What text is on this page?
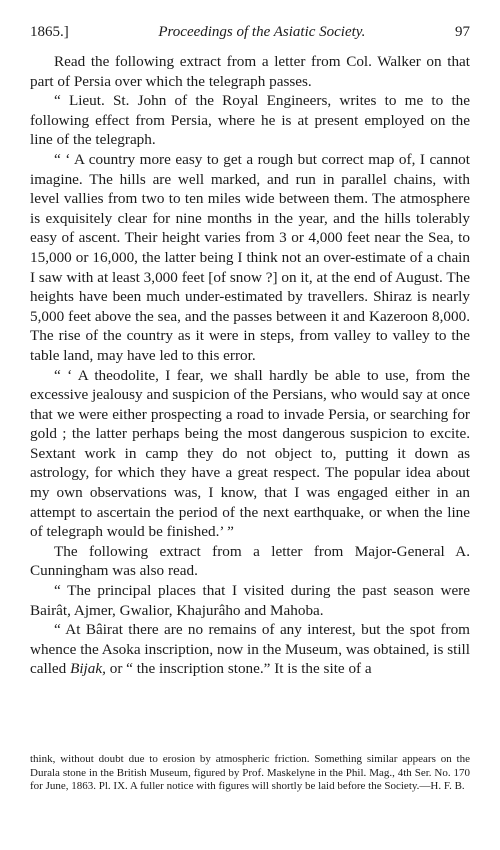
1865.]	Proceedings of the Asiatic Society.	97

Read the following extract from a letter from Col. Walker on that part of Persia over which the telegraph passes.

“ Lieut. St. John of the Royal Engineers, writes to me to the following effect from Persia, where he is at present employed on the line of the telegraph.

“ ‘ A country more easy to get a rough but correct map of, I cannot imagine. The hills are well marked, and run in parallel chains, with level vallies from two to ten miles wide between them. The atmosphere is exquisitely clear for nine months in the year, and the hills tolerably easy of ascent. Their height varies from 3 or 4,000 feet near the Sea, to 15,000 or 16,000, the latter being I think not an over-estimate of a chain I saw with at least 3,000 feet [of snow ?] on it, at the end of August. The heights have been much under-estimated by travellers. Shiraz is nearly 5,000 feet above the sea, and the passes between it and Kazeroon 8,000. The rise of the country as it were in steps, from valley to valley to the table land, may have led to this error.

“ ‘ A theodolite, I fear, we shall hardly be able to use, from the excessive jealousy and suspicion of the Persians, who would say at once that we were either prospecting a road to invade Persia, or searching for gold ; the latter perhaps being the most dangerous suspicion to excite. Sextant work in camp they do not object to, putting it down as astrology, for which they have a great respect. The popular idea about my own observations was, I know, that I was engaged either in an attempt to ascertain the period of the next earthquake, or when the line of telegraph would be finished.’ ”

The following extract from a letter from Major-General A. Cunningham was also read.

“ The principal places that I visited during the past season were Bairât, Ajmer, Gwalior, Khajurâho and Mahoba.

“ At Bâirat there are no remains of any interest, but the spot from whence the Asoka inscription, now in the Museum, was obtained, is still called Bijak, or “ the inscription stone.” It is the site of a

think, without doubt due to erosion by atmospheric friction. Something similar appears on the Durala stone in the British Museum, figured by Prof. Maskelyne in the Phil. Mag., 4th Ser. No. 170 for June, 1863. Pl. IX. A fuller notice with figures will shortly be laid before the Society.—H. F. B.
